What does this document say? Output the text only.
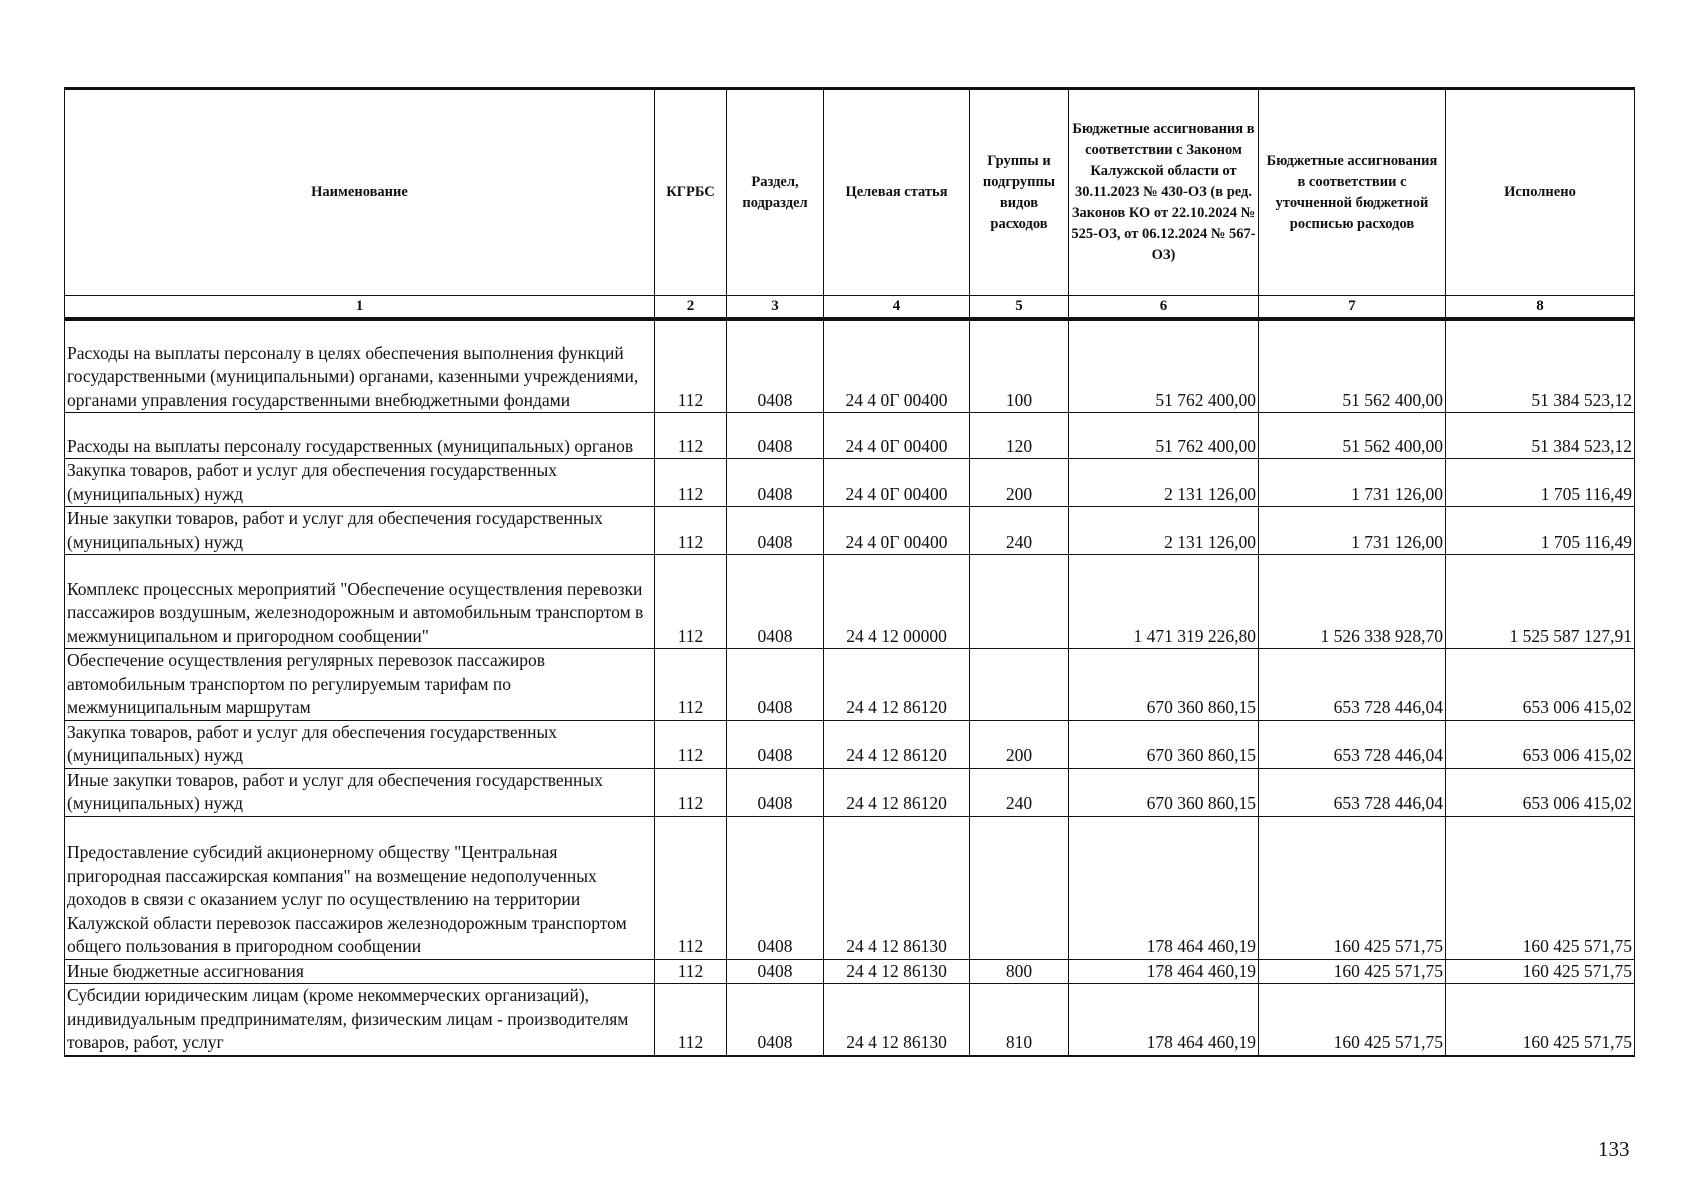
Наименование	КГРБС	Раздел, подраздел	Целевая статья	Группы и подгруппы видов расходов	Бюджетные ассигнования в соответствии с Законом Калужской области от 30.11.2023 № 430-ОЗ (в ред. Законов КО от 22.10.2024 № 525-ОЗ, от 06.12.2024 № 567-ОЗ)	Бюджетные ассигнования в соответствии с уточненной бюджетной росписью расходов	Исполнено
1	2	3	4	5	6	7	8
Расходы на выплаты персоналу в целях обеспечения выполнения функций государственными (муниципальными) органами, казенными учреждениями, органами управления государственными внебюджетными фондами	112	0408	24 4 0Г 00400	100	51 762 400,00	51 562 400,00	51 384 523,12
Расходы на выплаты персоналу государственных (муниципальных) органов	112	0408	24 4 0Г 00400	120	51 762 400,00	51 562 400,00	51 384 523,12
Закупка товаров, работ и услуг для обеспечения государственных (муниципальных) нужд	112	0408	24 4 0Г 00400	200	2 131 126,00	1 731 126,00	1 705 116,49
Иные закупки товаров, работ и услуг для обеспечения государственных (муниципальных) нужд	112	0408	24 4 0Г 00400	240	2 131 126,00	1 731 126,00	1 705 116,49
Комплекс процессных мероприятий "Обеспечение осуществления перевозки пассажиров воздушным, железнодорожным и автомобильным транспортом в межмуниципальном и пригородном сообщении"	112	0408	24 4 12 00000		1 471 319 226,80	1 526 338 928,70	1 525 587 127,91
Обеспечение осуществления регулярных перевозок пассажиров автомобильным транспортом по регулируемым тарифам по межмуниципальным маршрутам	112	0408	24 4 12 86120		670 360 860,15	653 728 446,04	653 006 415,02
Закупка товаров, работ и услуг для обеспечения государственных (муниципальных) нужд	112	0408	24 4 12 86120	200	670 360 860,15	653 728 446,04	653 006 415,02
Иные закупки товаров, работ и услуг для обеспечения государственных (муниципальных) нужд	112	0408	24 4 12 86120	240	670 360 860,15	653 728 446,04	653 006 415,02
Предоставление субсидий акционерному обществу "Центральная пригородная пассажирская компания" на возмещение недополученных доходов в связи с оказанием услуг по осуществлению на территории Калужской области перевозок пассажиров железнодорожным транспортом общего пользования в пригородном сообщении	112	0408	24 4 12 86130		178 464 460,19	160 425 571,75	160 425 571,75
Иные бюджетные ассигнования	112	0408	24 4 12 86130	800	178 464 460,19	160 425 571,75	160 425 571,75
Субсидии юридическим лицам (кроме некоммерческих организаций), индивидуальным предпринимателям, физическим лицам - производителям товаров, работ, услуг	112	0408	24 4 12 86130	810	178 464 460,19	160 425 571,75	160 425 571,75
133
